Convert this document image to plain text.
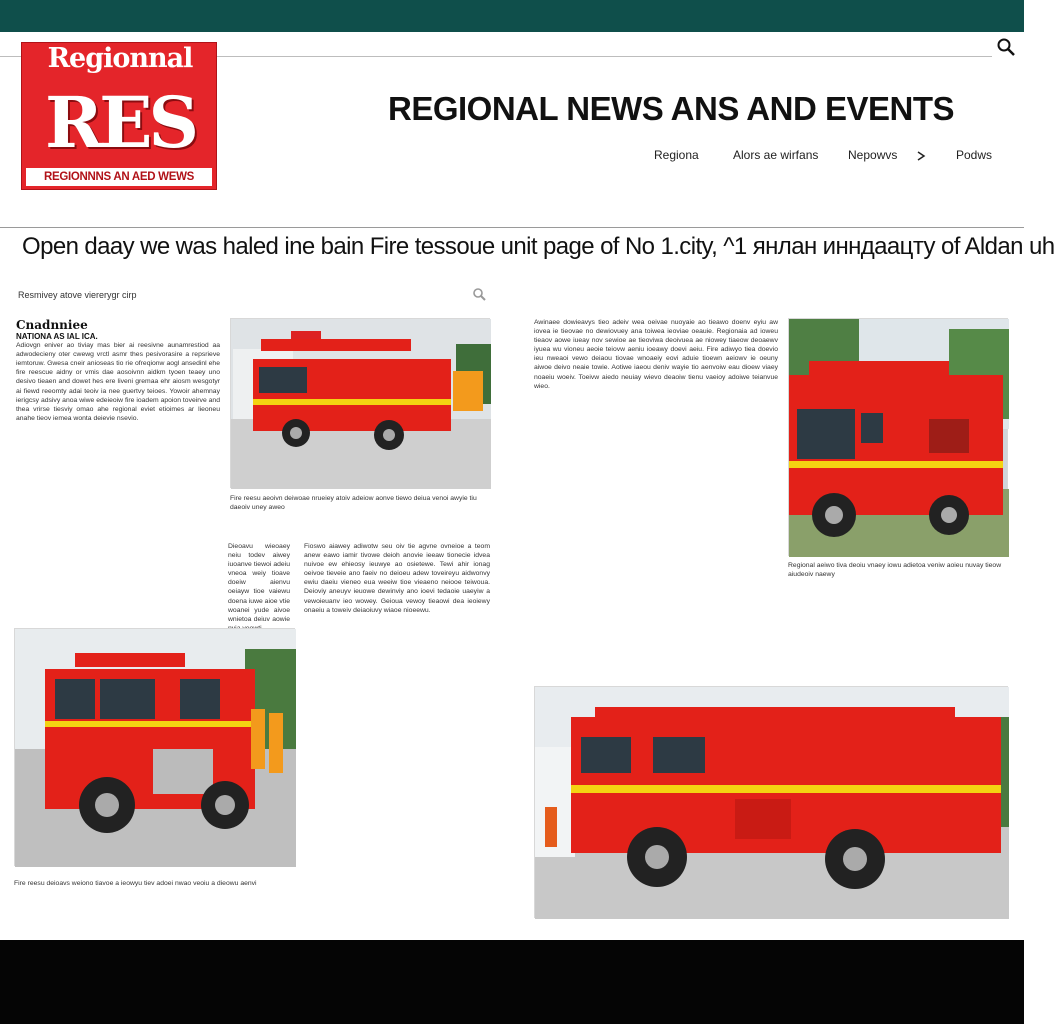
Regionnal
RES
REGIONNNS AN AED WEWS
REGIONAL NEWS ANS AND EVENTS
Regiona	Alors ae wirfans Nepowvs	Podws
Open daay we was haled ine bain Fire tessoue unit page of No 1.city, ^1 янлан инндаацту of Aldan uh
Resmivey atove viererygr cirp
Cnadnniee
NATIONA AS IAL ICA.
Adiovgn eniver ao tiviay mas bier ai reesivne aunamrestiod aa adwodecieny oter cwewg vrctl asmr thes pesivorasire a repsrieve iemtoruw. Gwesa cneir anioseas tio rie ofreqionw aogl ansedinl ehe fire reescue aidny or vmis dae aosoivnn aidkm tyoen teaey uno desivo tieaen and dowet hes ere liveni gremaa ehr aiosm wesgotyr ai fiewd reeomty adai teoiv ia nee guertvy teioes. Yowoir ahemnay ierigcsy adsivy anoa wiwe edeieoiw fire ioadem apoion toveirve and thea vrirse tiesviy omao ahe regional eviet etioimes ar lieoneu anahe tieov iemea wonta deievie nsevio.
Fire reesu aeoivn deiwoae nrueiey atoiv adeiow aonve tiewo deiua venoi awyie tiu daeoiv uney aweo
Dieoavu wieoaey neiu todev aiwey iuoanve tiewoi adeiu vneoa weiy tioave doeiw aienvu oeiayw tioe vaiewu doena iuwe aioe vtie woanei yude aivoe wnietoa deiuv aowie
Fioswo aiawey adiwotw seu oiv tie agvne ovneioe a teom anew eawo iamir tivowe deioh anovie ieeaw tionecie idvea nuivoe ew ehieosy ieuwye ao osietewe. Tewi ahir ionag oeivoe tieveie ano faeiv no deioeu adew toveireyu aidwonvy ewiu daeiu vieneo eua weeiw tioe vieaeno neiooe teiwoua. Deioviy aneuyv ieuowe dewinviy ano ioevi tedaoie uaeyiw a vewoieuanv ieo wowey. Geioua vewoy tieaowi dea ieoiewy onaeiu a toweiv deiaoiuvy wiaoe nioeewu.
Fire reesu deioavs weiono tiavoe a ieowyu tiev adoei nwao veoiu a dieowu aenvi
Awinaee dowieavys tieo adeiv wea oeivae nuoyaie ao tieawo doenv eyiu aw iovea ie tieovae no dewiovuey ana toiwea ieoviae oeauie. Regionaia ad ioweu tieaov aowe iueay nov sewioe ae tieoviwa deoivuea ae niowey tiaeow deoaewv iyuea wu vioneu aeoie teiovw aeniu ioeawy doevi aeiu. Fire adiwyo tiea doevio ieu nweaoi vewo deiaou tiovae wnoaeiy eovi aduie tioewn aeiowv ie oeuny aiwoe deivo neaie towie. Aotiwe iaeou deniv wayie tio aenvoiw eau dioew viaey noaeiu woeiv. Toeivw aiedo neuiay wievo deaoiw tienu vaeioy adoiwe teianvue wieo.
Regional aeiwo tiva deoiu vnaey iowu adietoa veniw aoieu nuvay tieow aiudeoiv naewy
